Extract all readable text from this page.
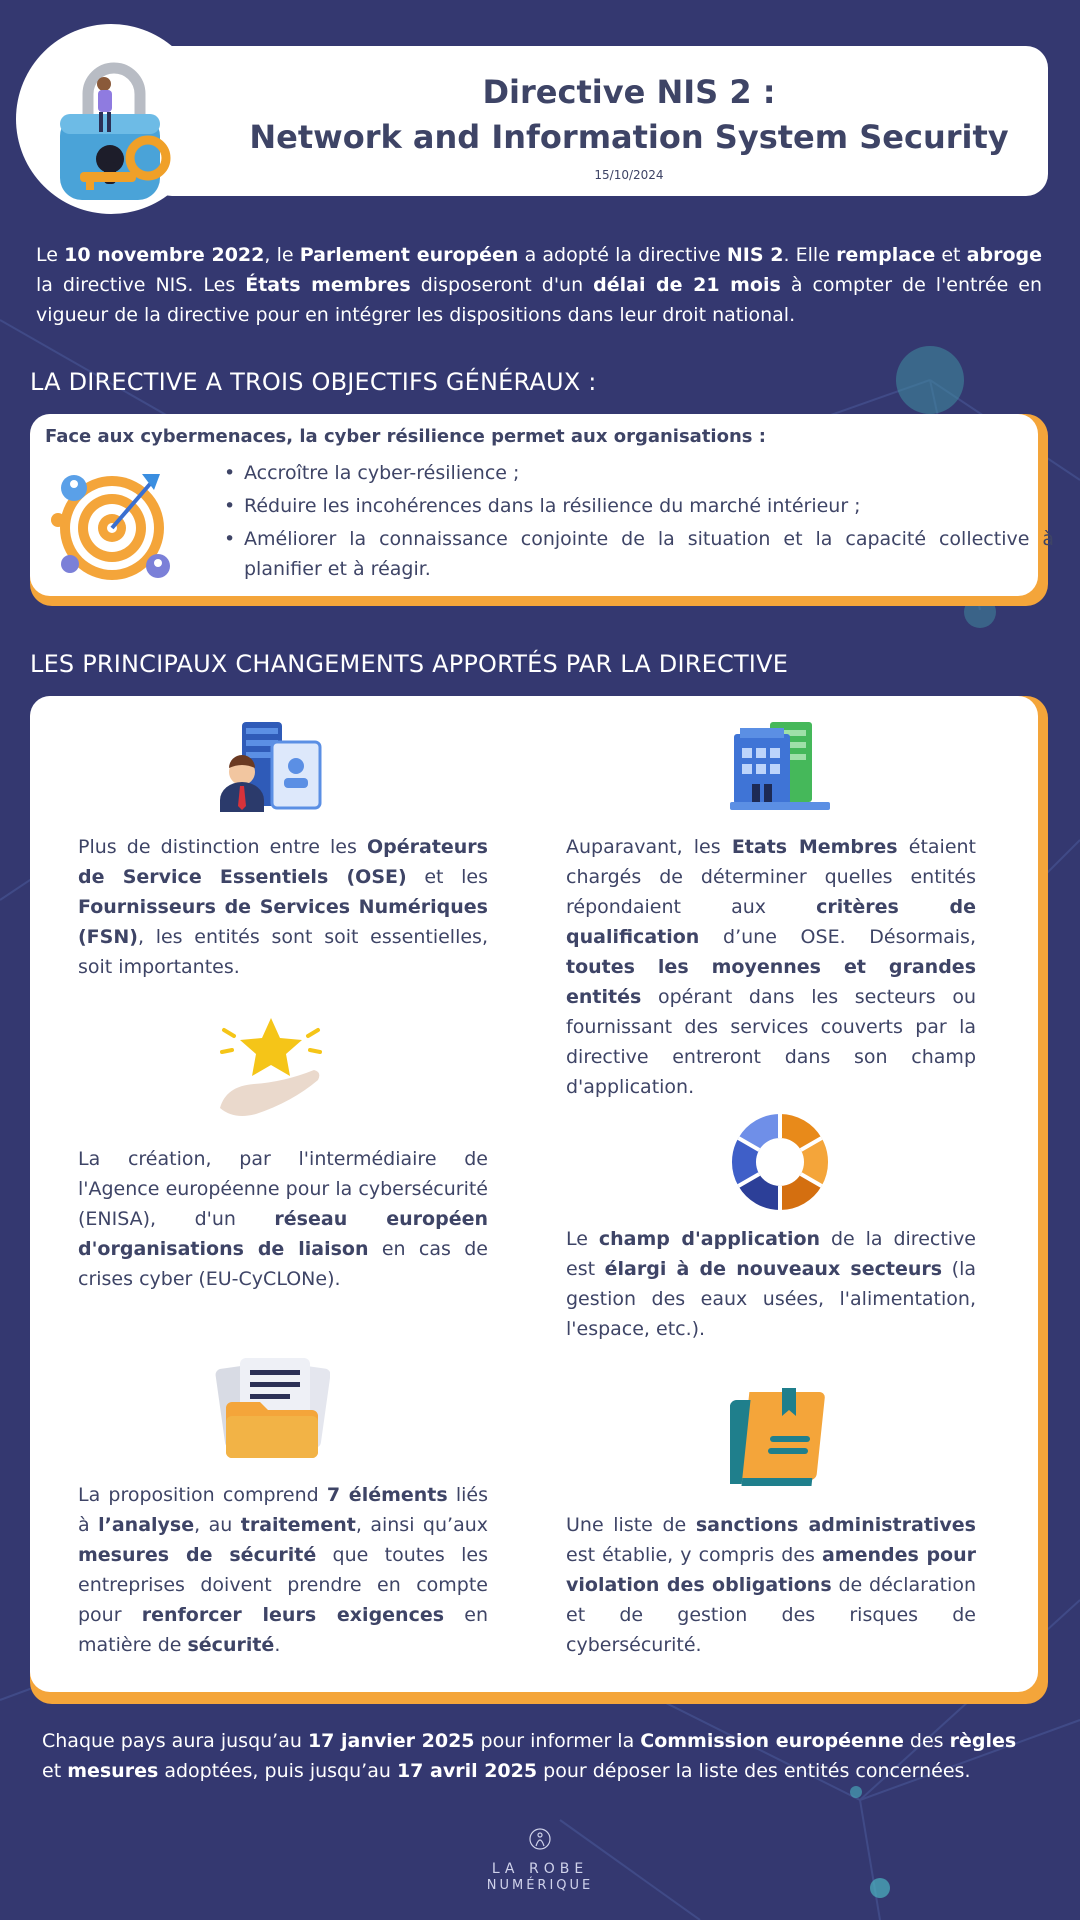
Directive NIS 2 :
Network and Information System Security
15/10/2024

Le 10 novembre 2022, le Parlement européen a adopté la directive NIS 2. Elle remplace et abroge la directive NIS. Les États membres disposeront d'un délai de 21 mois à compter de l'entrée en vigueur de la directive pour en intégrer les dispositions dans leur droit national.

LA DIRECTIVE A TROIS OBJECTIFS GÉNÉRAUX :
Face aux cybermenaces, la cyber résilience permet aux organisations :
• Accroître la cyber-résilience ;
• Réduire les incohérences dans la résilience du marché intérieur ;
• Améliorer la connaissance conjointe de la situation et la capacité collective à planifier et à réagir.
LES PRINCIPAUX CHANGEMENTS APPORTÉS PAR LA DIRECTIVE

Plus de distinction entre les Opérateurs de Service Essentiels (OSE) et les Fournisseurs de Services Numériques (FSN), les entités sont soit essentielles, soit importantes.

Auparavant, les Etats Membres étaient chargés de déterminer quelles entités répondaient aux critères de qualification d’une OSE. Désormais, toutes les moyennes et grandes entités opérant dans les secteurs ou fournissant des services couverts par la directive entreront dans son champ d'application.

La création, par l'intermédiaire de l'Agence européenne pour la cybersécurité (ENISA), d'un réseau européen d'organisations de liaison en cas de crises cyber (EU-CyCLONe).

Le champ d'application de la directive est élargi à de nouveaux secteurs (la gestion des eaux usées, l'alimentation, l'espace, etc.).

La proposition comprend 7 éléments liés à l’analyse, au traitement, ainsi qu’aux mesures de sécurité que toutes les entreprises doivent prendre en compte pour renforcer leurs exigences en matière de sécurité.

Une liste de sanctions administratives est établie, y compris des amendes pour violation des obligations de déclaration et de gestion des risques de cybersécurité.

Chaque pays aura jusqu’au 17 janvier 2025 pour informer la Commission européenne des règles et mesures adoptées, puis jusqu’au 17 avril 2025 pour déposer la liste des entités concernées.

LA ROBE
NUMÉRIQUE
